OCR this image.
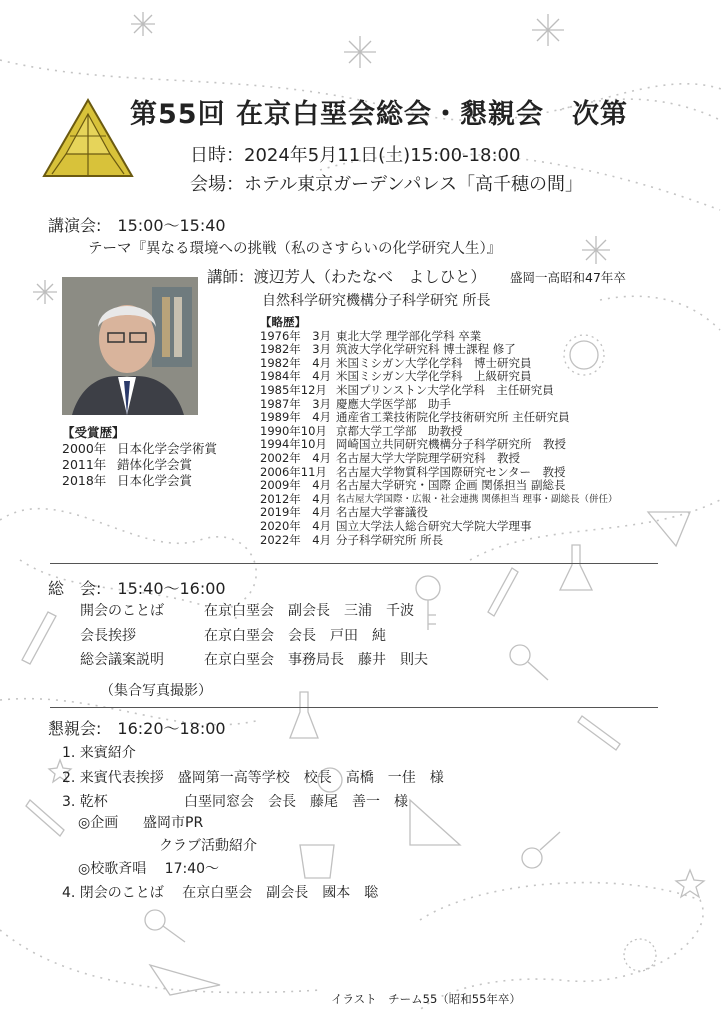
第55回 在京白堊会総会・懇親会　次第
日時：2024年5月11日(土)15:00-18:00
会場：ホテル東京ガーデンパレス「高千穂の間」
講演会:　15:00〜15:40
テーマ『異なる環境への挑戦（私のさすらいの化学研究人生）』
講師：渡辺芳人（わたなべ　よしひと） 盛岡一高昭和47年卒
自然科学研究機構分子科学研究 所長
【略歴】
1976年　3月 東北大学 理学部化学科 卒業
1982年　3月 筑波大学化学研究科 博士課程 修了
1982年　4月 米国ミシガン大学化学科　博士研究員
1984年　4月 米国ミシガン大学化学科　上級研究員
1985年12月 米国プリンストン大学化学科　主任研究員
1987年　3月 慶應大学医学部　助手
1989年　4月 通産省工業技術院化学技術研究所 主任研究員
1990年10月 京都大学工学部　助教授
1994年10月 岡崎国立共同研究機構分子科学研究所　教授
2002年　4月 名古屋大学大学院理学研究科　教授
2006年11月 名古屋大学物質科学国際研究センター　教授
2009年　4月 名古屋大学研究・国際 企画 関係担当 副総長
2012年　4月 名古屋大学国際・広報・社会連携 関係担当 理事・副総長（併任）
2019年　4月 名古屋大学審議役
2020年　4月 国立大学法人総合研究大学院大学理事
2022年　4月 分子科学研究所 所長
【受賞歴】
2000年 日本化学会学術賞
2011年 錯体化学会賞
2018年 日本化学会賞
総　会:　15:40〜16:00
開会のことば	在京白堊会　副会長　三浦　千波
会長挨拶	在京白堊会　会長　戸田　純
総会議案説明	在京白堊会　事務局長　藤井　則夫
（集合写真撮影）
懇親会:　16:20〜18:00
1. 来賓紹介
2. 来賓代表挨拶　盛岡第一高等学校　校長　高橋　一佳　様
3. 乾杯	白堊同窓会　会長　藤尾　善一　様
◎企画 盛岡市PR
クラブ活動紹介
◎校歌斉唱　 17:40〜
4. 閉会のことば　 在京白堊会　副会長　國本　聡
イラスト　チーム55（昭和55年卒）
